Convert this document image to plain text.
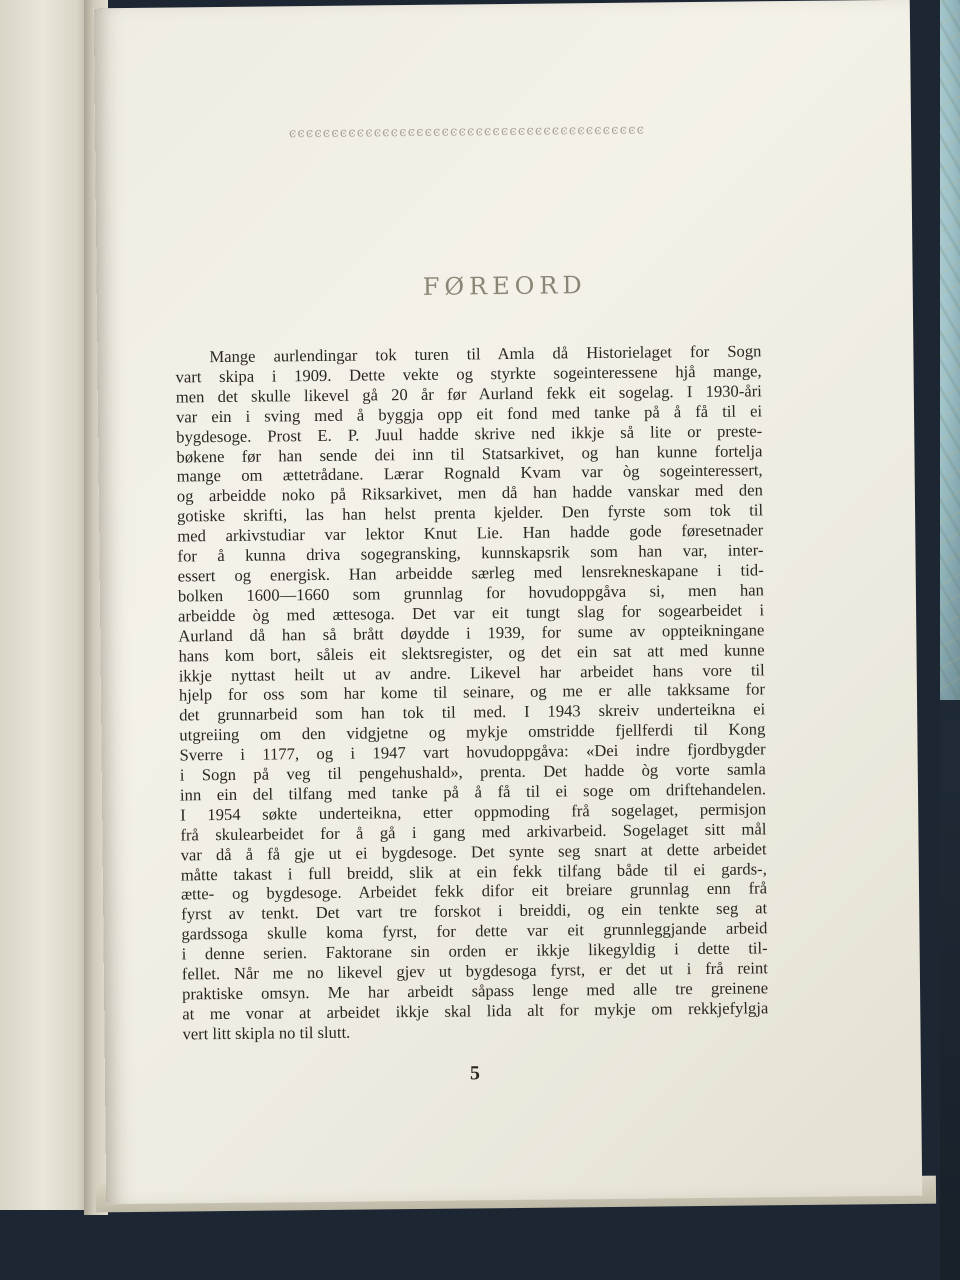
ͼͼͼͼͼͼͼͼͼͼͼͼͼͼͼͼͼͼͼͼͼͼͼͼͼͼͼͼͼͼͼͼͼͼͼͼͼͼͼͼͼͼ
FØREORD
Mange aurlendingar tok turen til Amla då Historielaget for Sogn
vart skipa i 1909. Dette vekte og styrkte sogeinteressene hjå mange,
men det skulle likevel gå 20 år før Aurland fekk eit sogelag. I 1930-åri
var ein i sving med å byggja opp eit fond med tanke på å få til ei
bygdesoge. Prost E. P. Juul hadde skrive ned ikkje så lite or preste-
bøkene før han sende dei inn til Statsarkivet, og han kunne fortelja
mange om ættetrådane. Lærar Rognald Kvam var òg sogeinteressert,
og arbeidde noko på Riksarkivet, men då han hadde vanskar med den
gotiske skrifti, las han helst prenta kjelder. Den fyrste som tok til
med arkivstudiar var lektor Knut Lie. Han hadde gode føresetnader
for å kunna driva sogegransking, kunnskapsrik som han var, inter-
essert og energisk. Han arbeidde særleg med lensrekneskapane i tid-
bolken 1600—1660 som grunnlag for hovudoppgåva si, men han
arbeidde òg med ættesoga. Det var eit tungt slag for sogearbeidet i
Aurland då han så brått døydde i 1939, for sume av oppteikningane
hans kom bort, såleis eit slektsregister, og det ein sat att med kunne
ikkje nyttast heilt ut av andre. Likevel har arbeidet hans vore til
hjelp for oss som har kome til seinare, og me er alle takksame for
det grunnarbeid som han tok til med. I 1943 skreiv underteikna ei
utgreiing om den vidgjetne og mykje omstridde fjellferdi til Kong
Sverre i 1177, og i 1947 vart hovudoppgåva: «Dei indre fjordbygder
i Sogn på veg til pengehushald», prenta. Det hadde òg vorte samla
inn ein del tilfang med tanke på å få til ei soge om driftehandelen.
I 1954 søkte underteikna, etter oppmoding frå sogelaget, permisjon
frå skulearbeidet for å gå i gang med arkivarbeid. Sogelaget sitt mål
var då å få gje ut ei bygdesoge. Det synte seg snart at dette arbeidet
måtte takast i full breidd, slik at ein fekk tilfang både til ei gards-,
ætte- og bygdesoge. Arbeidet fekk difor eit breiare grunnlag enn frå
fyrst av tenkt. Det vart tre forskot i breiddi, og ein tenkte seg at
gardssoga skulle koma fyrst, for dette var eit grunnleggjande arbeid
i denne serien. Faktorane sin orden er ikkje likegyldig i dette til-
fellet. Når me no likevel gjev ut bygdesoga fyrst, er det ut i frå reint
praktiske omsyn. Me har arbeidt såpass lenge med alle tre greinene
at me vonar at arbeidet ikkje skal lida alt for mykje om rekkjefylgja
vert litt skipla no til slutt.
5
